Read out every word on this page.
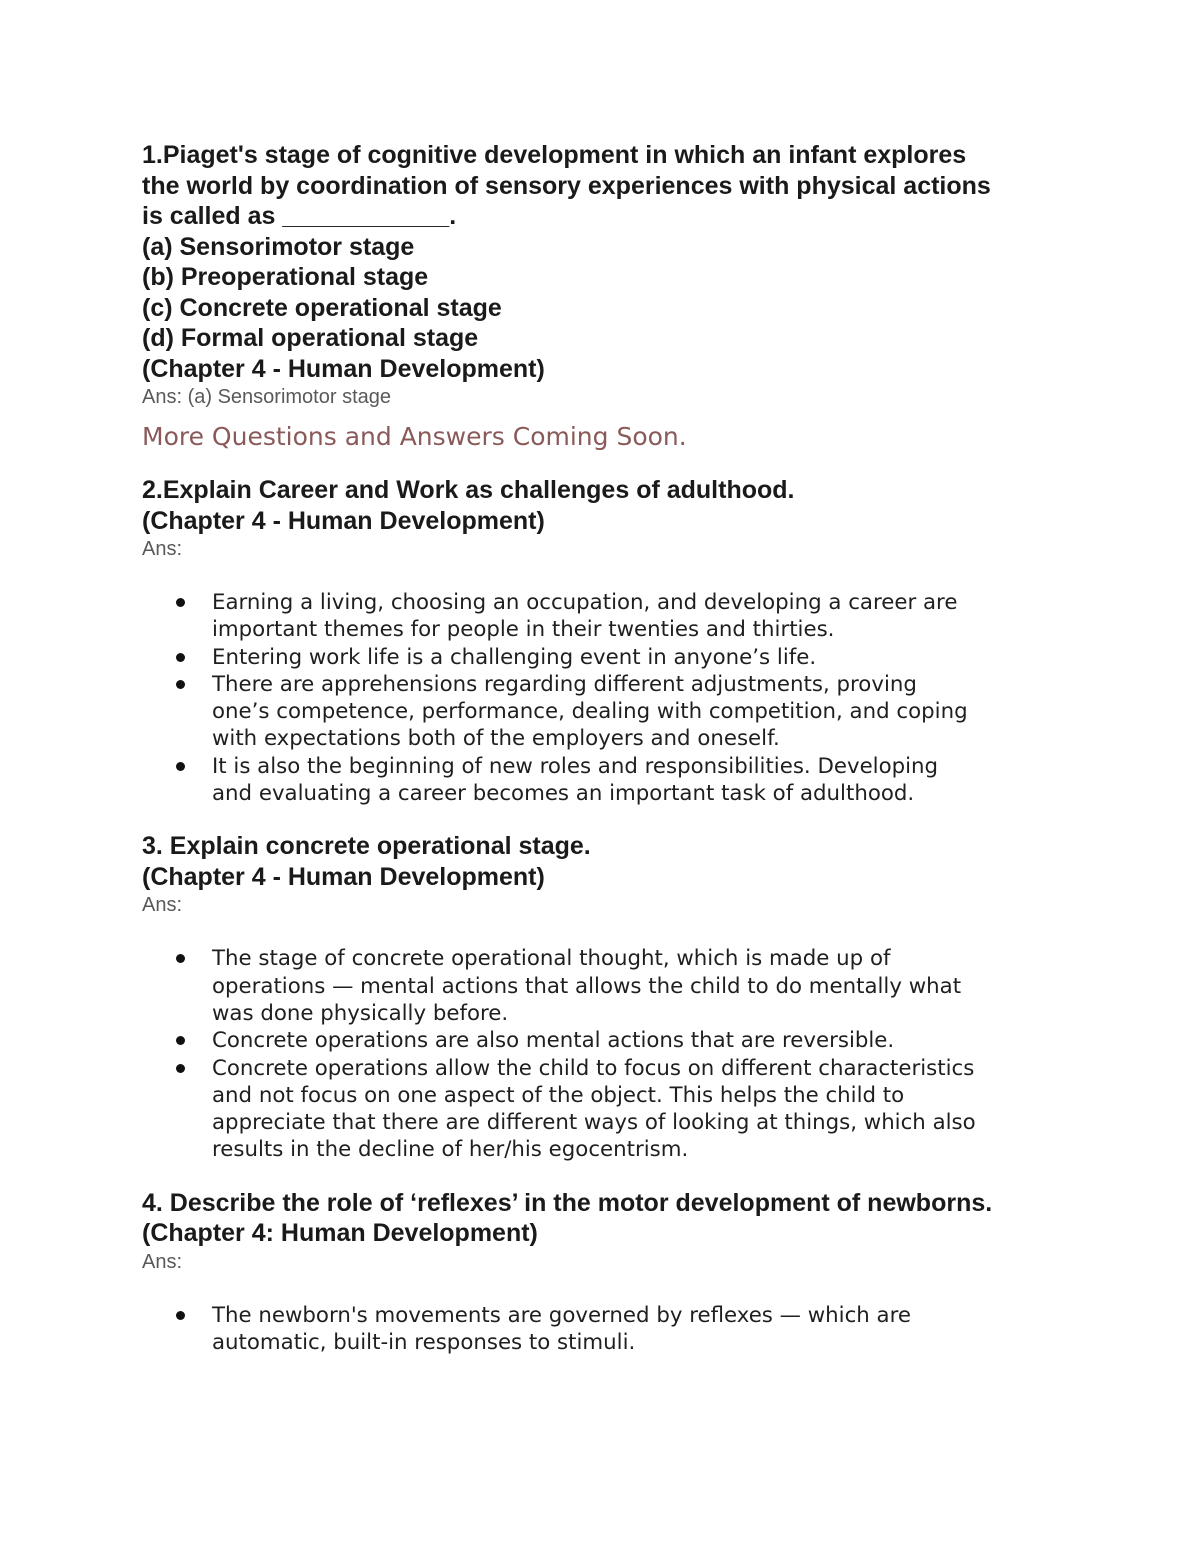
1.Piaget's stage of cognitive development in which an infant explores

the world by coordination of sensory experiences with physical actions

is called as ____________.

(a) Sensorimotor stage

(b) Preoperational stage

(c) Concrete operational stage

(d) Formal operational stage

(Chapter 4 - Human Development)

Ans: (a) Sensorimotor stage

More Questions and Answers Coming Soon.

2.Explain Career and Work as challenges of adulthood.

(Chapter 4 - Human Development)

Ans:

Earning a living, choosing an occupation, and developing a career are
important themes for people in their twenties and thirties.
Entering work life is a challenging event in anyone’s life.
There are apprehensions regarding different adjustments, proving
one’s competence, performance, dealing with competition, and coping
with expectations both of the employers and oneself.
It is also the beginning of new roles and responsibilities. Developing
and evaluating a career becomes an important task of adulthood.

3. Explain concrete operational stage.

(Chapter 4 - Human Development)

Ans:

The stage of concrete operational thought, which is made up of
operations — mental actions that allows the child to do mentally what
was done physically before.
Concrete operations are also mental actions that are reversible.
Concrete operations allow the child to focus on different characteristics
and not focus on one aspect of the object. This helps the child to
appreciate that there are different ways of looking at things, which also
results in the decline of her/his egocentrism.

4. Describe the role of ‘reflexes’ in the motor development of newborns.

(Chapter 4: Human Development)

Ans:

The newborn's movements are governed by reflexes — which are
automatic, built-in responses to stimuli.
